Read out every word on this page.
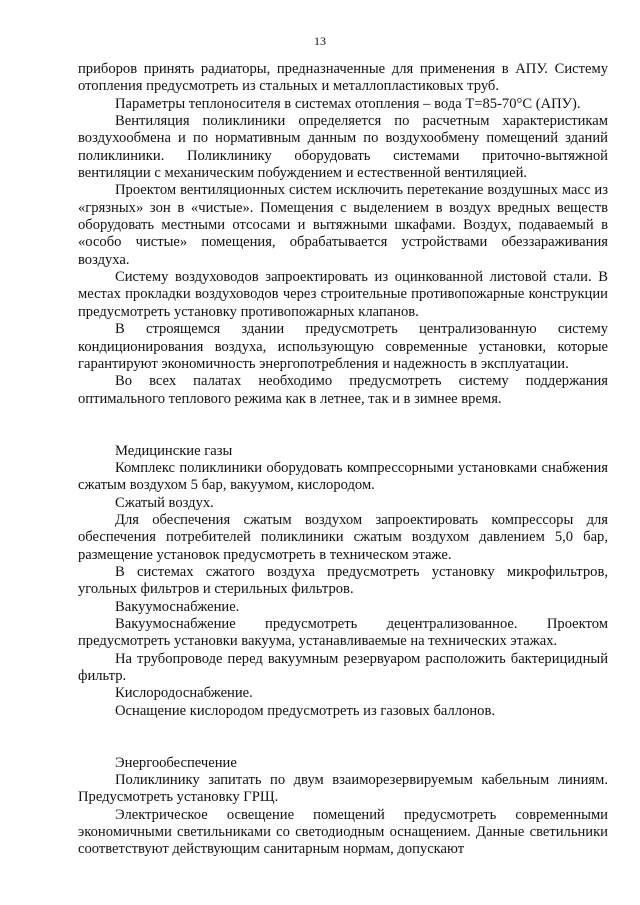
13

приборов принять радиаторы, предназначенные для применения в АПУ. Систему отопления предусмотреть из стальных и металлопластиковых труб.

Параметры теплоносителя в системах отопления – вода Т=85-70°С (АПУ).

Вентиляция поликлиники определяется по расчетным характеристикам воздухообмена и по нормативным данным по воздухообмену помещений зданий поликлиники. Поликлинику оборудовать системами приточно-вытяжной вентиляции с механическим побуждением и естественной вентиляцией.

Проектом вентиляционных систем исключить перетекание воздушных масс из «грязных» зон в «чистые». Помещения с выделением в воздух вредных веществ оборудовать местными отсосами и вытяжными шкафами. Воздух, подаваемый в «особо чистые» помещения, обрабатывается устройствами обеззараживания воздуха.

Систему воздуховодов запроектировать из оцинкованной листовой стали. В местах прокладки воздуховодов через строительные противопожарные конструкции предусмотреть установку противопожарных клапанов.

В строящемся здании предусмотреть централизованную систему кондиционирования воздуха, использующую современные установки, которые гарантируют экономичность энергопотребления и надежность в эксплуатации.

Во всех палатах необходимо предусмотреть систему поддержания оптимального теплового режима как в летнее, так и в зимнее время.

Медицинские газы

Комплекс поликлиники оборудовать компрессорными установками снабжения сжатым воздухом 5 бар, вакуумом, кислородом.

Сжатый воздух.

Для обеспечения сжатым воздухом запроектировать компрессоры для обеспечения потребителей поликлиники сжатым воздухом давлением 5,0 бар, размещение установок предусмотреть в техническом этаже.

В системах сжатого воздуха предусмотреть установку микрофильтров, угольных фильтров и стерильных фильтров.

Вакуумоснабжение.

Вакуумоснабжение предусмотреть децентрализованное. Проектом предусмотреть установки вакуума, устанавливаемые на технических этажах.

На трубопроводе перед вакуумным резервуаром расположить бактерицидный фильтр.

Кислородоснабжение.

Оснащение кислородом предусмотреть из газовых баллонов.

Энергообеспечение

Поликлинику запитать по двум взаиморезервируемым кабельным линиям. Предусмотреть установку ГРЩ.

Электрическое освещение помещений предусмотреть современными экономичными светильниками со светодиодным оснащением. Данные светильники соответствуют действующим санитарным нормам, допускают
